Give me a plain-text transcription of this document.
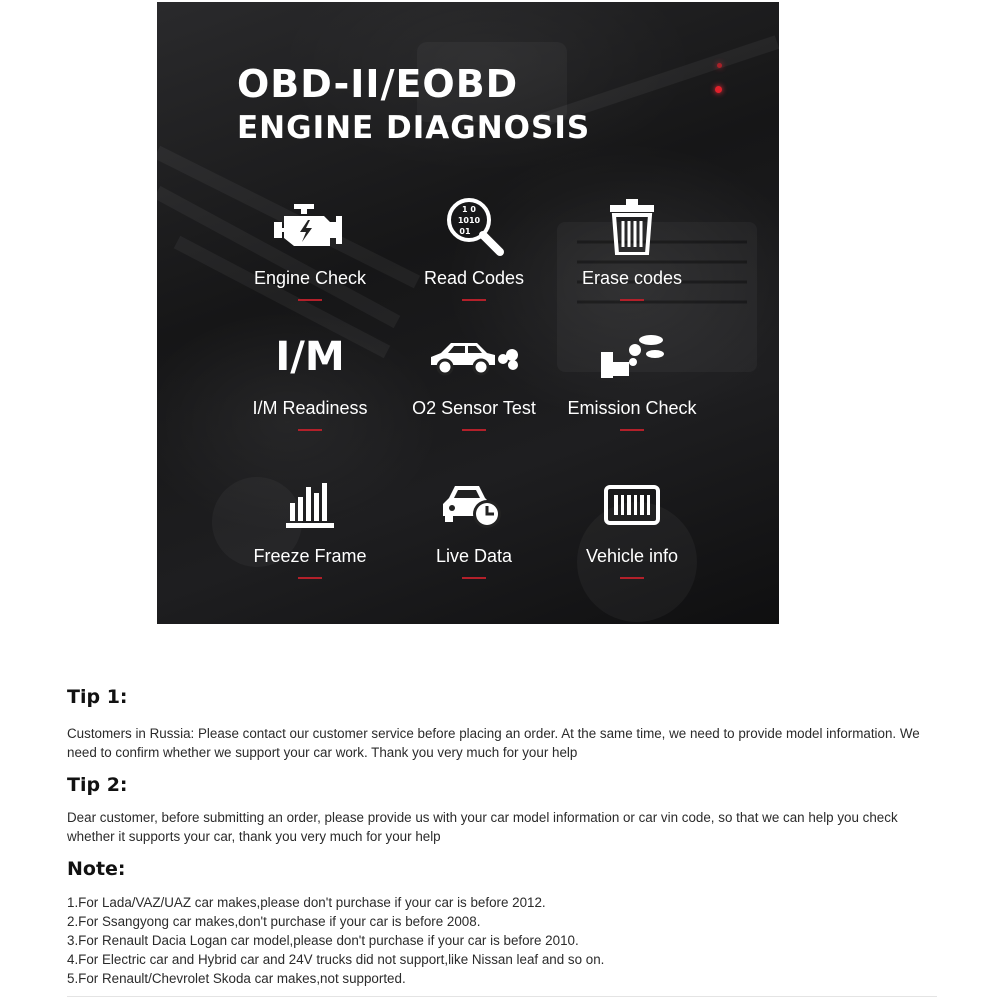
OBD-II/EOBD
ENGINE DIAGNOSIS
Engine Check
1 0
1010
01
Read Codes	Erase codes
I/M
I/M Readiness	O2 Sensor Test	Emission Check
Freeze Frame	Live Data	Vehicle info
Tip 1:

Customers in Russia: Please contact our customer service before placing an order. At the same time, we need to provide model information. We need to confirm whether we support your car work. Thank you very much for your help

Tip 2:

Dear customer, before submitting an order, please provide us with your car model information or car vin code, so that we can help you check whether it supports your car, thank you very much for your help

Note:
1.For Lada/VAZ/UAZ car makes,please don't purchase if your car is before 2012.
2.For Ssangyong car makes,don't purchase if your car is before 2008.
3.For Renault Dacia Logan car model,please don't purchase if your car is before 2010.
4.For Electric car and Hybrid car and 24V trucks did not support,like Nissan leaf and so on.
5.For Renault/Chevrolet Skoda car makes,not supported.
